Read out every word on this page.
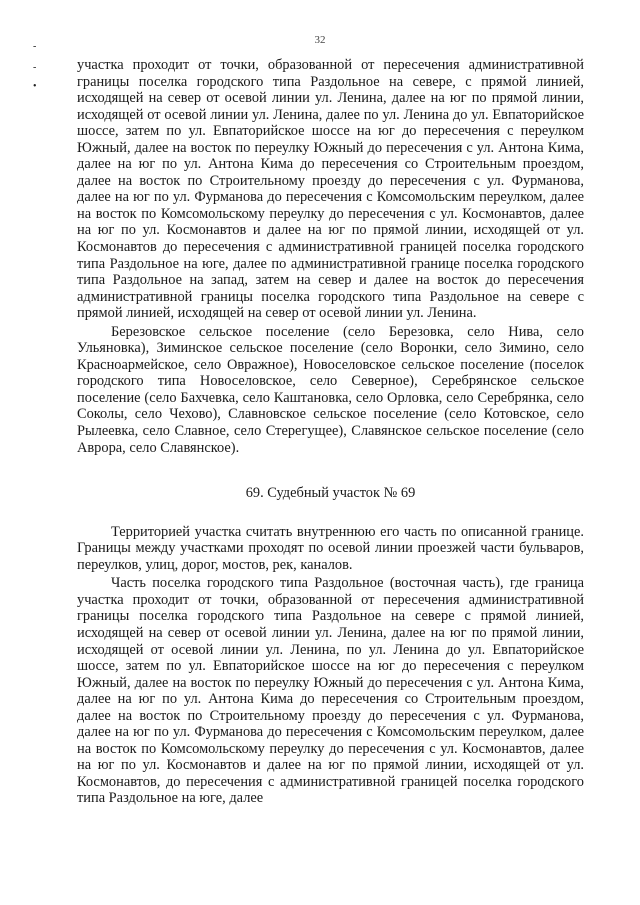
32
-
-
•

участка проходит от точки, образованной от пересечения административной границы поселка городского типа Раздольное на севере, с прямой линией, исходящей на север от осевой линии ул. Ленина, далее на юг по прямой линии, исходящей от осевой линии ул. Ленина, далее по ул. Ленина до ул. Евпаторийское шоссе, затем по ул. Евпаторийское шоссе на юг до пересечения с переулком Южный, далее на восток по переулку Южный до пересечения с ул. Антона Кима, далее на юг по ул. Антона Кима до пересечения со Строительным проездом, далее на восток по Строительному проезду до пересечения с ул. Фурманова, далее на юг по ул. Фурманова до пересечения с Комсомольским переулком, далее на восток по Комсомольскому переулку до пересечения с ул. Космонавтов, далее на юг по ул. Космонавтов и далее на юг по прямой линии, исходящей от ул. Космонавтов до пересечения с административной границей поселка городского типа Раздольное на юге, далее по административной границе поселка городского типа Раздольное на запад, затем на север и далее на восток до пересечения административной границы поселка городского типа Раздольное на севере с прямой линией, исходящей на север от осевой линии ул. Ленина.

Березовское сельское поселение (село Березовка, село Нива, село Ульяновка), Зиминское сельское поселение (село Воронки, село Зимино, село Красноармейское, село Овражное), Новоселовское сельское поселение (поселок городского типа Новоселовское, село Северное), Серебрянское сельское поселение (село Бахчевка, село Каштановка, село Орловка, село Серебрянка, село Соколы, село Чехово), Славновское сельское поселение (село Котовское, село Рылеевка, село Славное, село Стерегущее), Славянское сельское поселение (село Аврора, село Славянское).

69. Судебный участок № 69

Территорией участка считать внутреннюю его часть по описанной границе. Границы между участками проходят по осевой линии проезжей части бульваров, переулков, улиц, дорог, мостов, рек, каналов.

Часть поселка городского типа Раздольное (восточная часть), где граница участка проходит от точки, образованной от пересечения административной границы поселка городского типа Раздольное на севере с прямой линией, исходящей на север от осевой линии ул. Ленина, далее на юг по прямой линии, исходящей от осевой линии ул. Ленина, по ул. Ленина до ул. Евпаторийское шоссе, затем по ул. Евпаторийское шоссе на юг до пересечения с переулком Южный, далее на восток по переулку Южный до пересечения с ул. Антона Кима, далее на юг по ул. Антона Кима до пересечения со Строительным проездом, далее на восток по Строительному проезду до пересечения с ул. Фурманова, далее на юг по ул. Фурманова до пересечения с Комсомольским переулком, далее на восток по Комсомольскому переулку до пересечения с ул. Космонавтов, далее на юг по ул. Космонавтов и далее на юг по прямой линии, исходящей от ул. Космонавтов, до пересечения с административной границей поселка городского типа Раздольное на юге, далее
